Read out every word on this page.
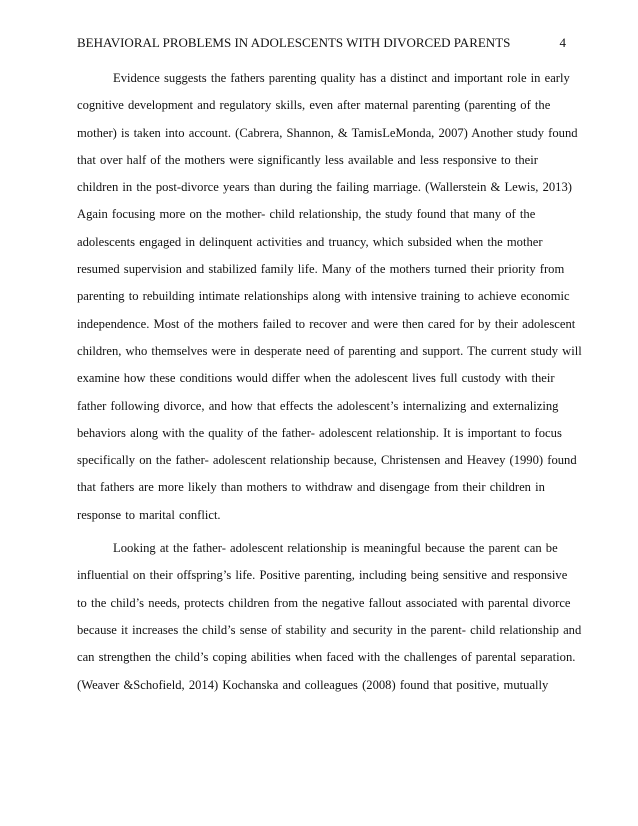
BEHAVIORAL PROBLEMS IN ADOLESCENTS WITH DIVORCED PARENTS	4
Evidence suggests the fathers parenting quality has a distinct and important role in early
cognitive development and regulatory skills, even after maternal parenting (parenting of the
mother) is taken into account. (Cabrera, Shannon, & TamisLeMonda, 2007) Another study found
that over half of the mothers were significantly less available and less responsive to their
children in the post-divorce years than during the failing marriage. (Wallerstein & Lewis, 2013)
Again focusing more on the mother- child relationship, the study found that many of the
adolescents engaged in delinquent activities and truancy, which subsided when the mother
resumed supervision and stabilized family life. Many of the mothers turned their priority from
parenting to rebuilding intimate relationships along with intensive training to achieve economic
independence. Most of the mothers failed to recover and were then cared for by their adolescent
children, who themselves were in desperate need of parenting and support. The current study will
examine how these conditions would differ when the adolescent lives full custody with their
father following divorce, and how that effects the adolescent’s internalizing and externalizing
behaviors along with the quality of the father- adolescent relationship. It is important to focus
specifically on the father- adolescent relationship because, Christensen and Heavey (1990) found
that fathers are more likely than mothers to withdraw and disengage from their children in
response to marital conflict.
Looking at the father- adolescent relationship is meaningful because the parent can be
influential on their offspring’s life. Positive parenting, including being sensitive and responsive
to the child’s needs, protects children from the negative fallout associated with parental divorce
because it increases the child’s sense of stability and security in the parent- child relationship and
can strengthen the child’s coping abilities when faced with the challenges of parental separation.
(Weaver &Schofield, 2014) Kochanska and colleagues (2008) found that positive, mutually
